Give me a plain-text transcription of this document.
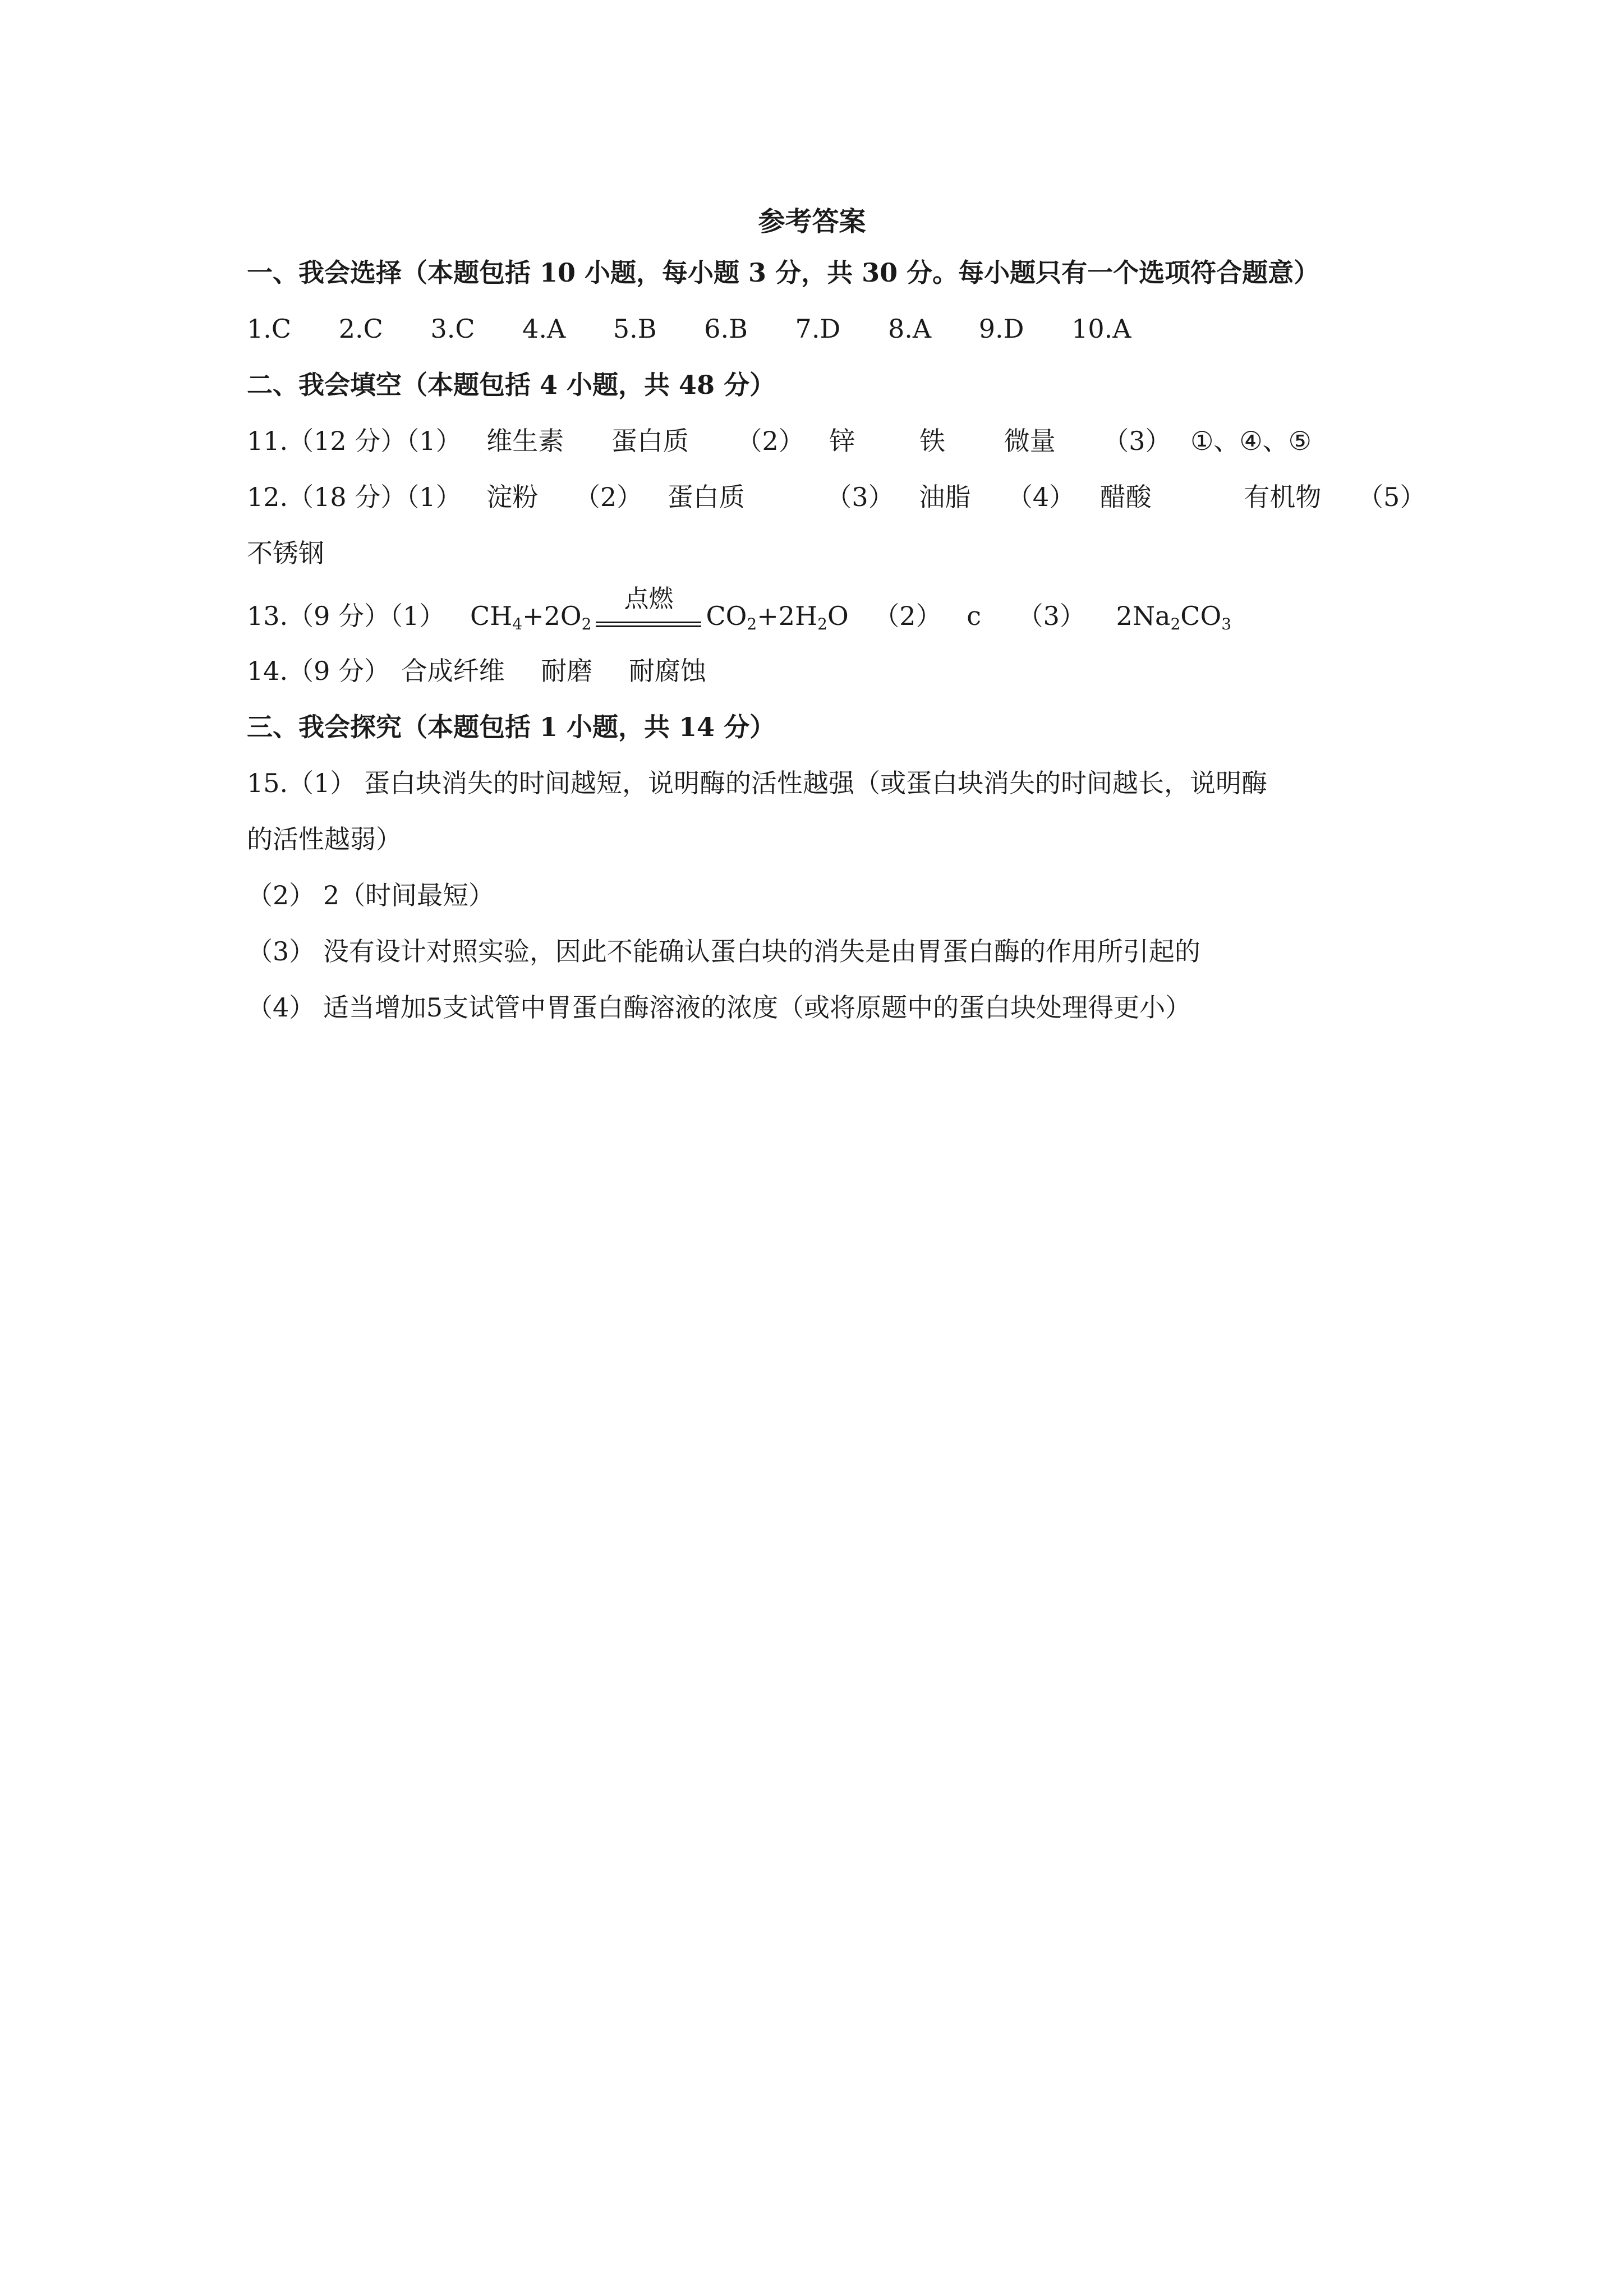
参考答案
一、我会选择（本题包括 10 小题，每小题 3 分，共 30 分。每小题只有一个选项符合题意）
1.C 2.C 3.C 4.A 5.B 6.B 7.D 8.A 9.D 10.A
二、我会填空（本题包括 4 小题，共 48 分）
11.（12 分）（1） 维生素 蛋白质 （2） 锌 铁 微量 （3） ①、④、⑤
12.（18 分）（1） 淀粉 （2） 蛋白质	（3） 油脂 （4） 醋酸	有机物 （5）
不锈钢
13.（9 分）（1） $CH_4+2O_2$
点燃
$CO_2+2H_2O$ （2） c （3） $2Na_2CO_3$
14.（9 分） 合成纤维 耐磨 耐腐蚀
三、我会探究（本题包括 1 小题，共 14 分）
15.（1） 蛋白块消失的时间越短，说明酶的活性越强（或蛋白块消失的时间越长，说明酶
的活性越弱）
（2） 2（时间最短）
（3） 没有设计对照实验，因此不能确认蛋白块的消失是由胃蛋白酶的作用所引起的
（4） 适当增加5支试管中胃蛋白酶溶液的浓度（或将原题中的蛋白块处理得更小）
